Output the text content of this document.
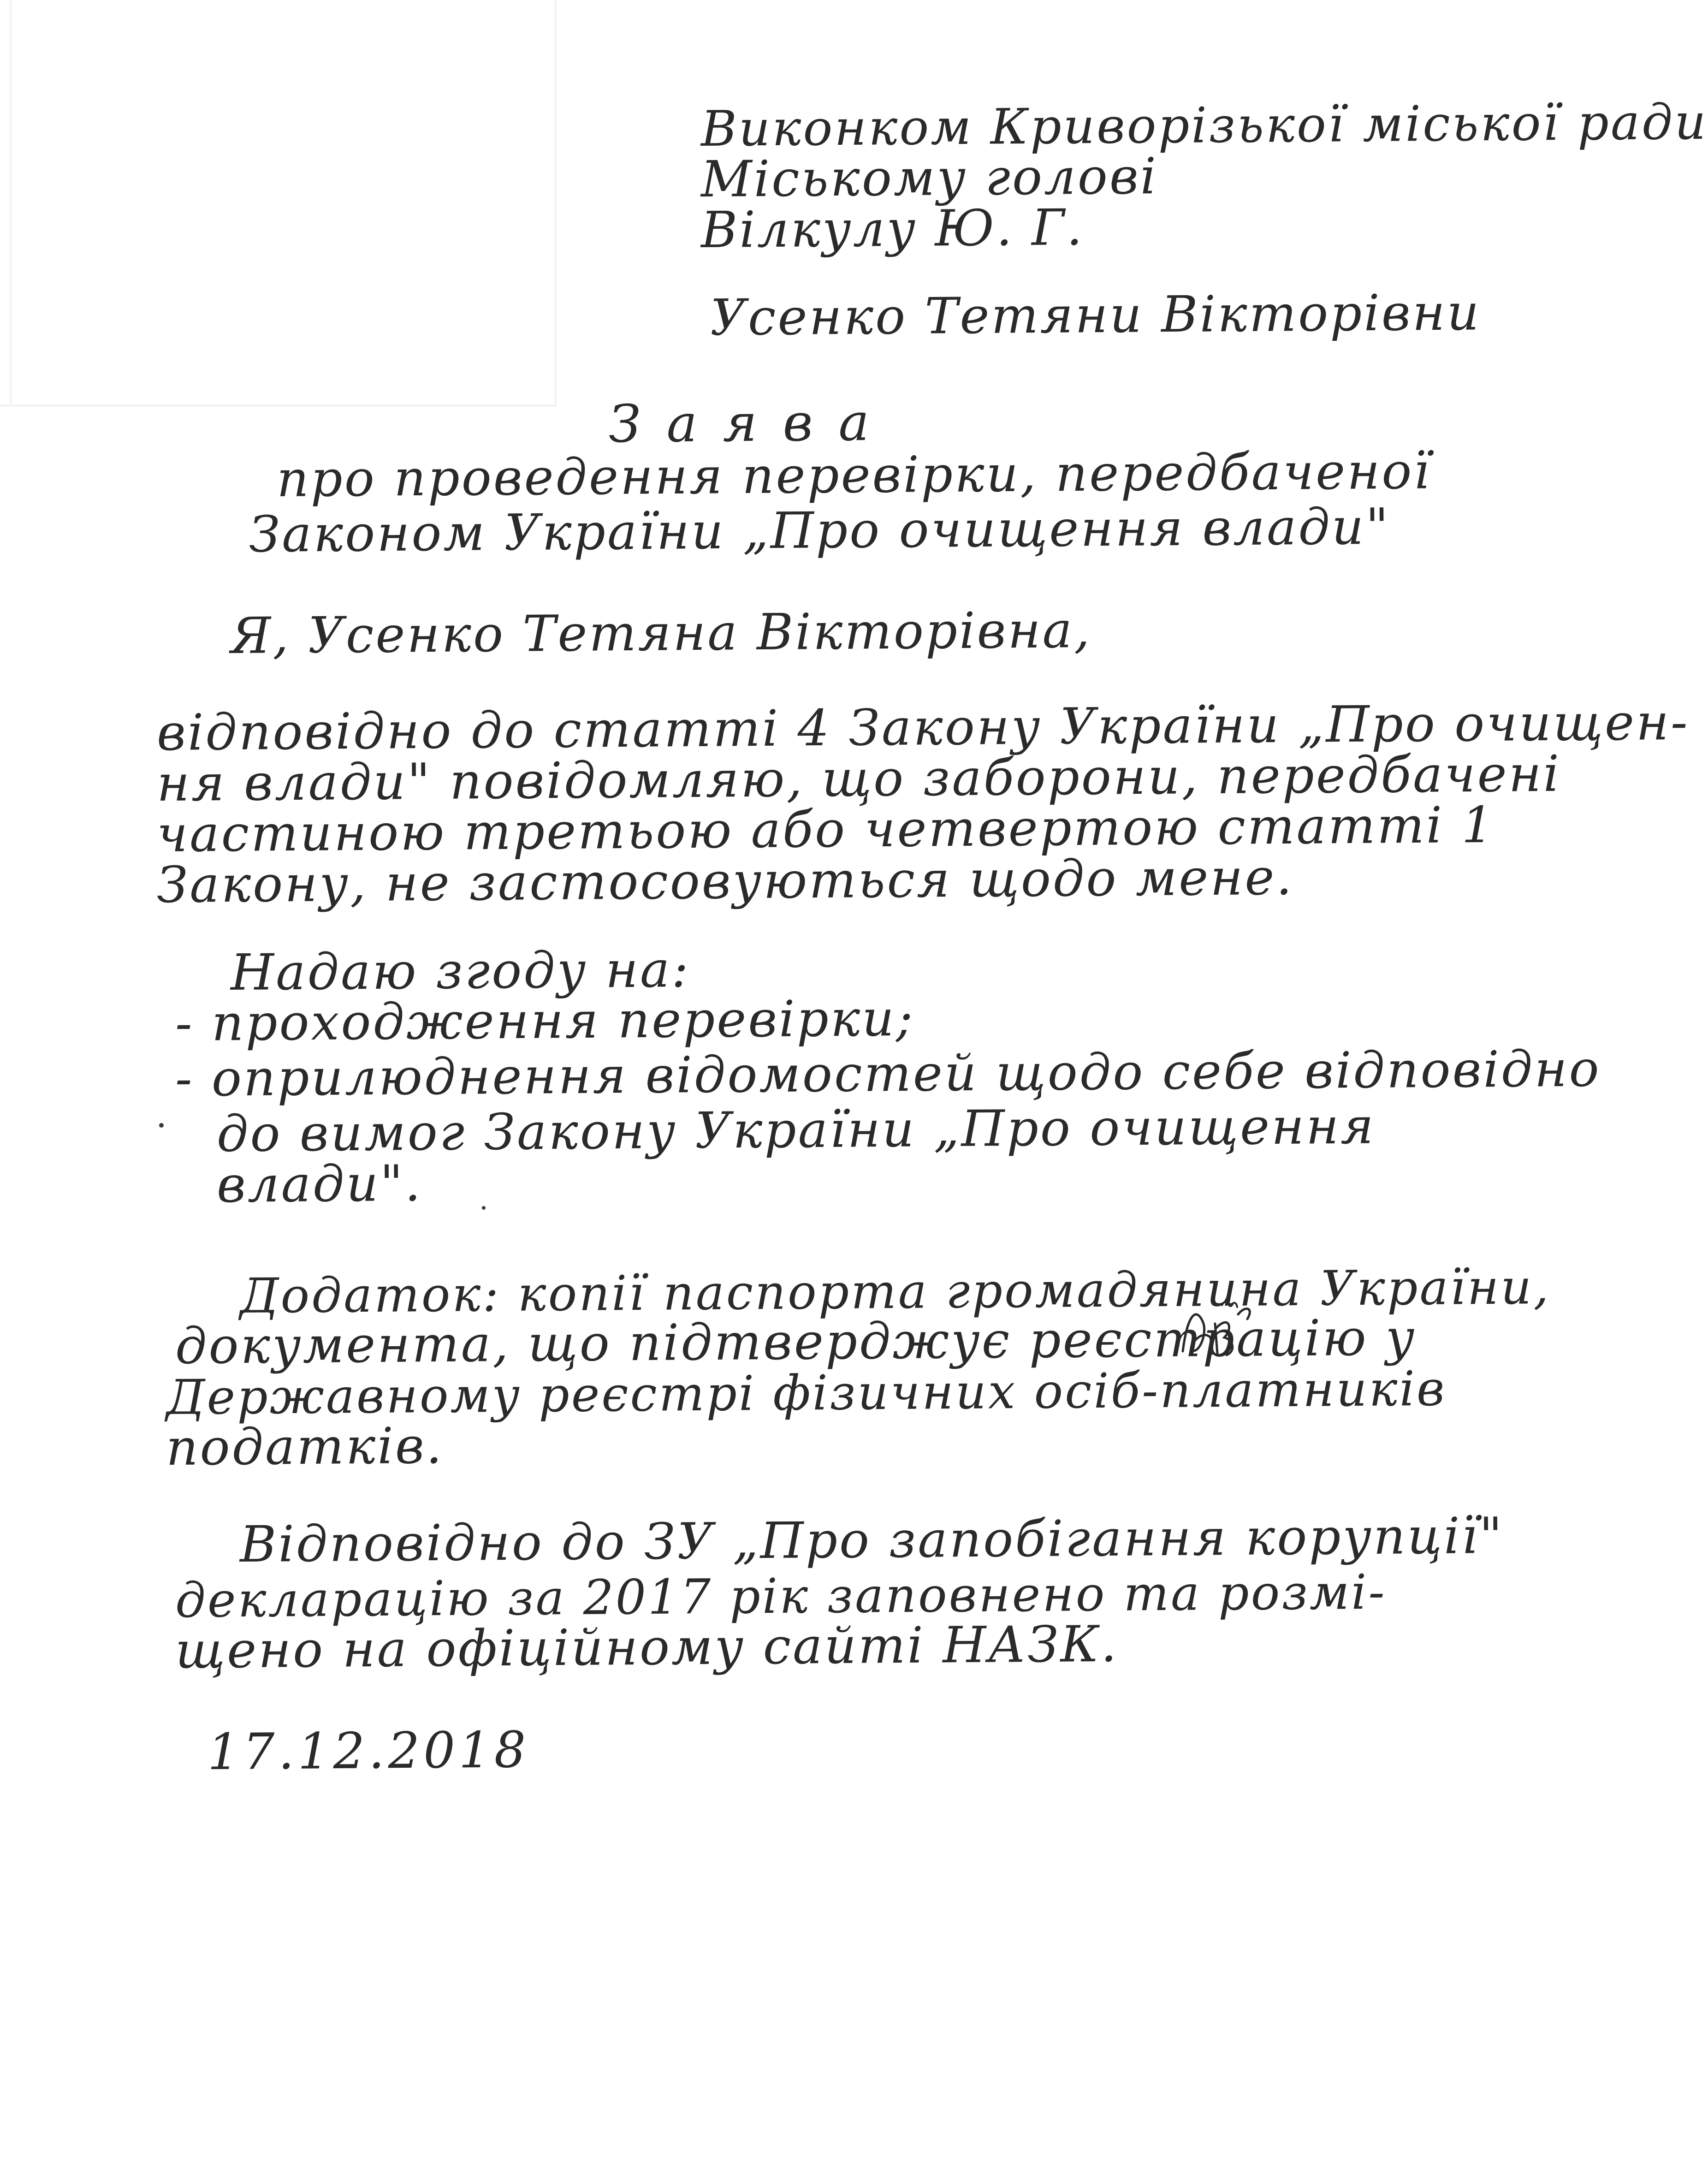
Виконком Криворізької міської ради
Міському голові
Вілкулу Ю. Г.
Усенко Тетяни Вікторівни
З а я в а
про проведення перевірки, передбаченої
Законом України „Про очищення влади"
Я, Усенко Тетяна Вікторівна,
відповідно до статті 4 Закону України „Про очищен-
ня влади" повідомляю, що заборони, передбачені
частиною третьою або четвертою статті 1
Закону, не застосовуються щодо мене.
Надаю згоду на:
- проходження перевірки;
- оприлюднення відомостей щодо себе відповідно
до вимог Закону України „Про очищення
влади".
Додаток: копії паспорта громадянина України,
документа, що підтверджує реєстрацію у
Державному реєстрі фізичних осіб-платників
податків.
Відповідно до ЗУ „Про запобігання корупції"
декларацію за 2017 рік заповнено та розмі-
щено на офіційному сайті НАЗК.
17.12.2018
